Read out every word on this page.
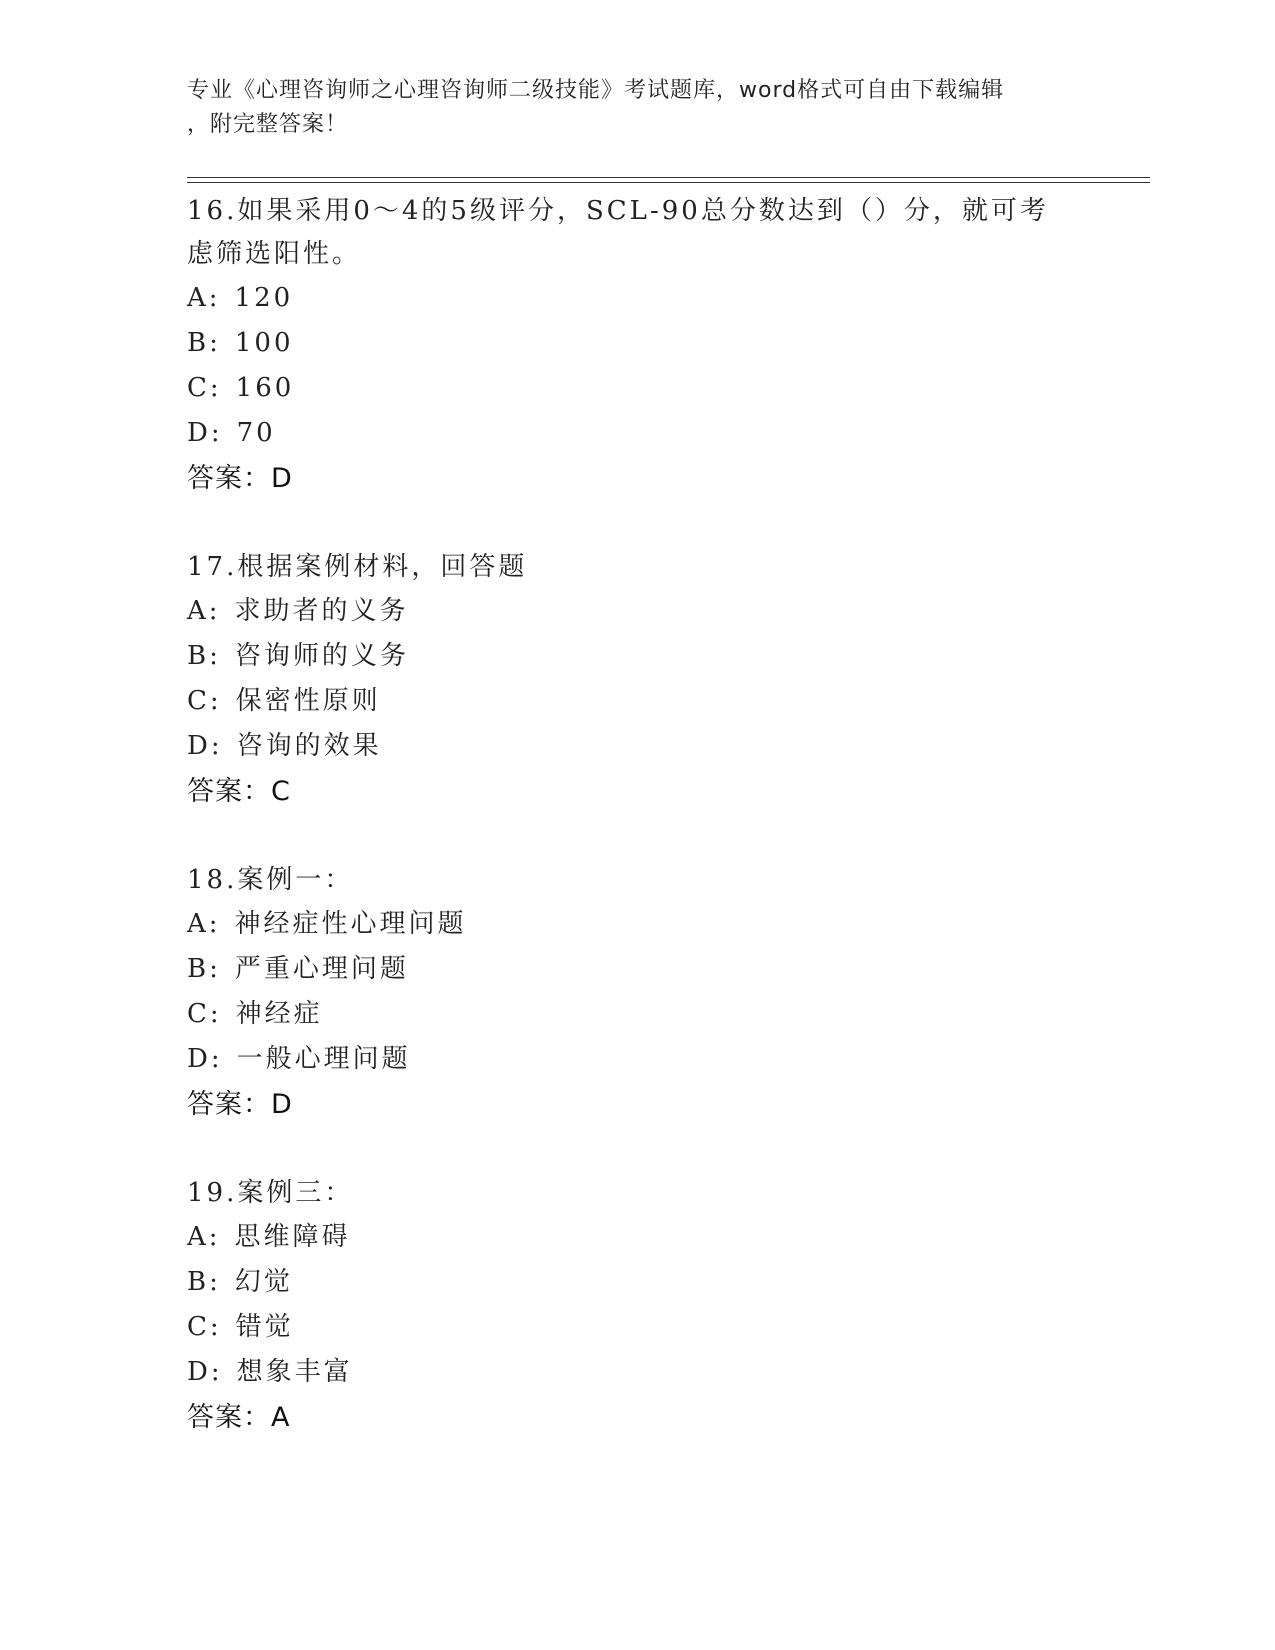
专业《心理咨询师之心理咨询师二级技能》考试题库，word格式可自由下载编辑
，附完整答案！
16.如果采用0～4的5级评分，SCL-90总分数达到（）分，就可考虑筛选阳性。
A: 120
B: 100
C: 160
D: 70
答案：D
17.根据案例材料，回答题
A: 求助者的义务
B: 咨询师的义务
C: 保密性原则
D: 咨询的效果
答案：C
18.案例一：
A: 神经症性心理问题
B: 严重心理问题
C: 神经症
D: 一般心理问题
答案：D
19.案例三：
A: 思维障碍
B: 幻觉
C: 错觉
D: 想象丰富
答案：A
